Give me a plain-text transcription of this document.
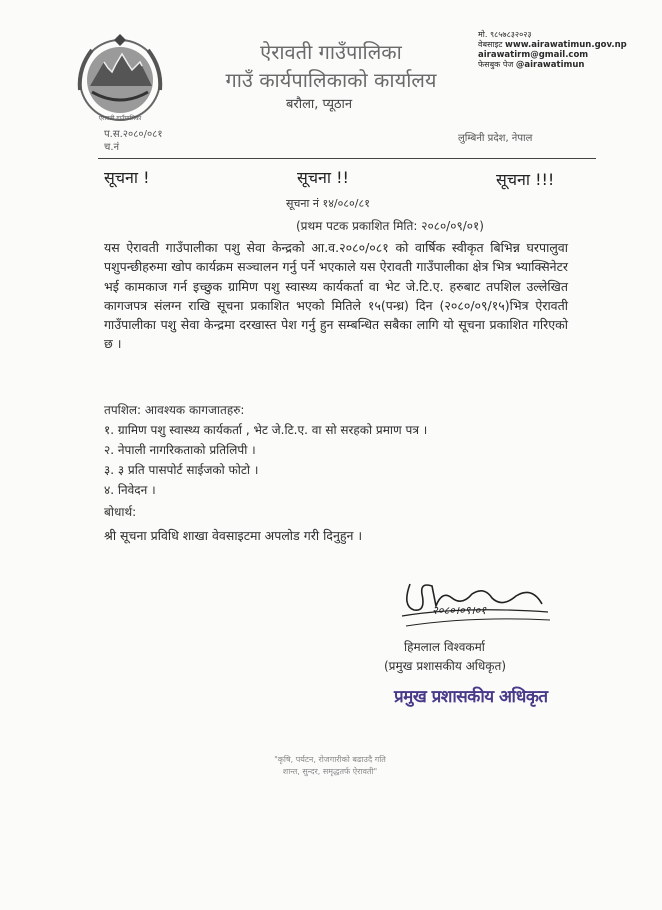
ऐरावती गाउँपालिका
ऐरावती गाउँपालिका
गाउँ कार्यपालिकाको कार्यालय
बरौला, प्यूठान
मो. ९८५७८३२०२३
वेबसाइट www.airawatimun.gov.np
airawatirm@gmail.com
फेसबुक पेज @airawatimun
प.स.२०८०/०८१
च.नं
लुम्बिनी प्रदेश, नेपाल
सूचना !	सूचना !!	सूचना !!!
सूचना नं १४/०८०/८१
(प्रथम पटक प्रकाशित मिति: २०८०/०९/०१)
यस ऐरावती गाउँपालीका पशु सेवा केन्द्रको आ.व.२०८०/०८१ को वार्षिक स्वीकृत बिभिन्न घरपालुवा पशुपन्छीहरुमा खोप कार्यक्रम सञ्चालन गर्नु पर्ने भएकाले यस ऐरावती गाउँपालीका क्षेत्र भित्र भ्याक्सिनेटर भई कामकाज गर्न इच्छुक ग्रामिण पशु स्वास्थ्य कार्यकर्ता वा भेट जे.टि.ए. हरुबाट तपशिल उल्लेखित कागजपत्र संलग्न राखि सूचना प्रकाशित भएको मितिले १५(पन्ध्र) दिन (२०८०/०९/१५)भित्र ऐरावती गाउँपालीका पशु सेवा केन्द्रमा दरखास्त पेश गर्नु हुन सम्बन्धित सबैका लागि यो सूचना प्रकाशित गरिएको छ ।
तपशिल: आवश्यक कागजातहरु:
१. ग्रामिण पशु स्वास्थ्य कार्यकर्ता , भेट जे.टि.ए. वा सो सरहको प्रमाण पत्र ।
२. नेपाली नागरिकताको प्रतिलिपी ।
३. ३ प्रति पासपोर्ट साईजको फोटो ।
४. निवेदन ।
बोधार्थ:
श्री सूचना प्रविधि शाखा वेवसाइटमा अपलोड गरी दिनुहुन ।
२०८०।०९।०१
हिमलाल विश्वकर्मा
(प्रमुख प्रशासकीय अधिकृत)
प्रमुख प्रशासकीय अधिकृत
"कृषि, पर्यटन, रोजगारीको बढाउदै गति
शान्त, सुन्दर, समृद्धतर्फ ऐरावती"
